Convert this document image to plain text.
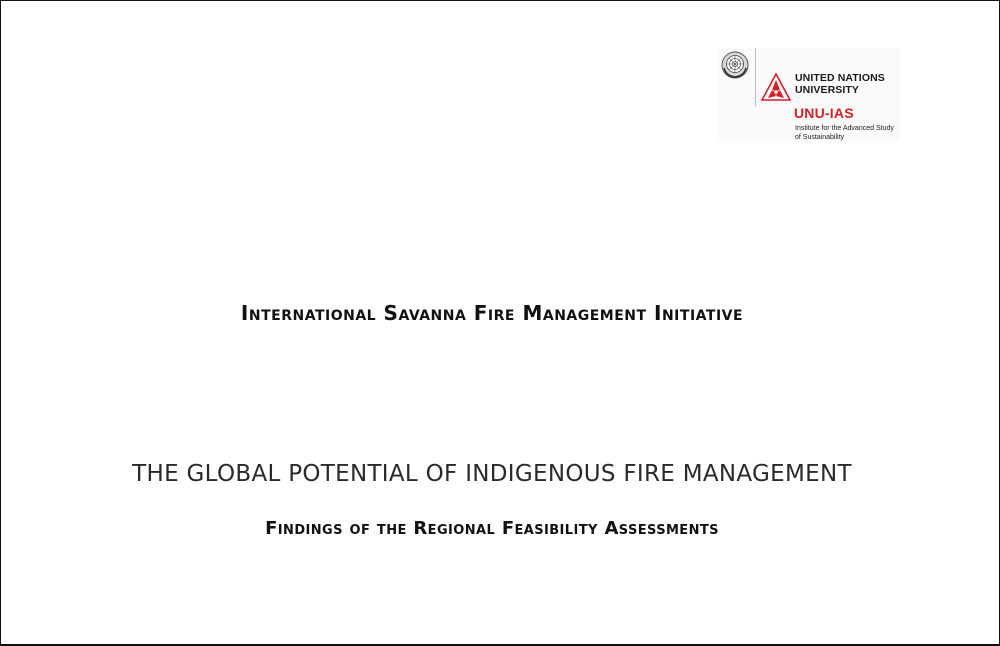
UNITED NATIONS
UNIVERSITY
UNU-IAS
Institute for the Advanced Study
of Sustainability
International Savanna Fire Management Initiative
THE GLOBAL POTENTIAL OF INDIGENOUS FIRE MANAGEMENT
Findings of the Regional Feasibility Assessments
